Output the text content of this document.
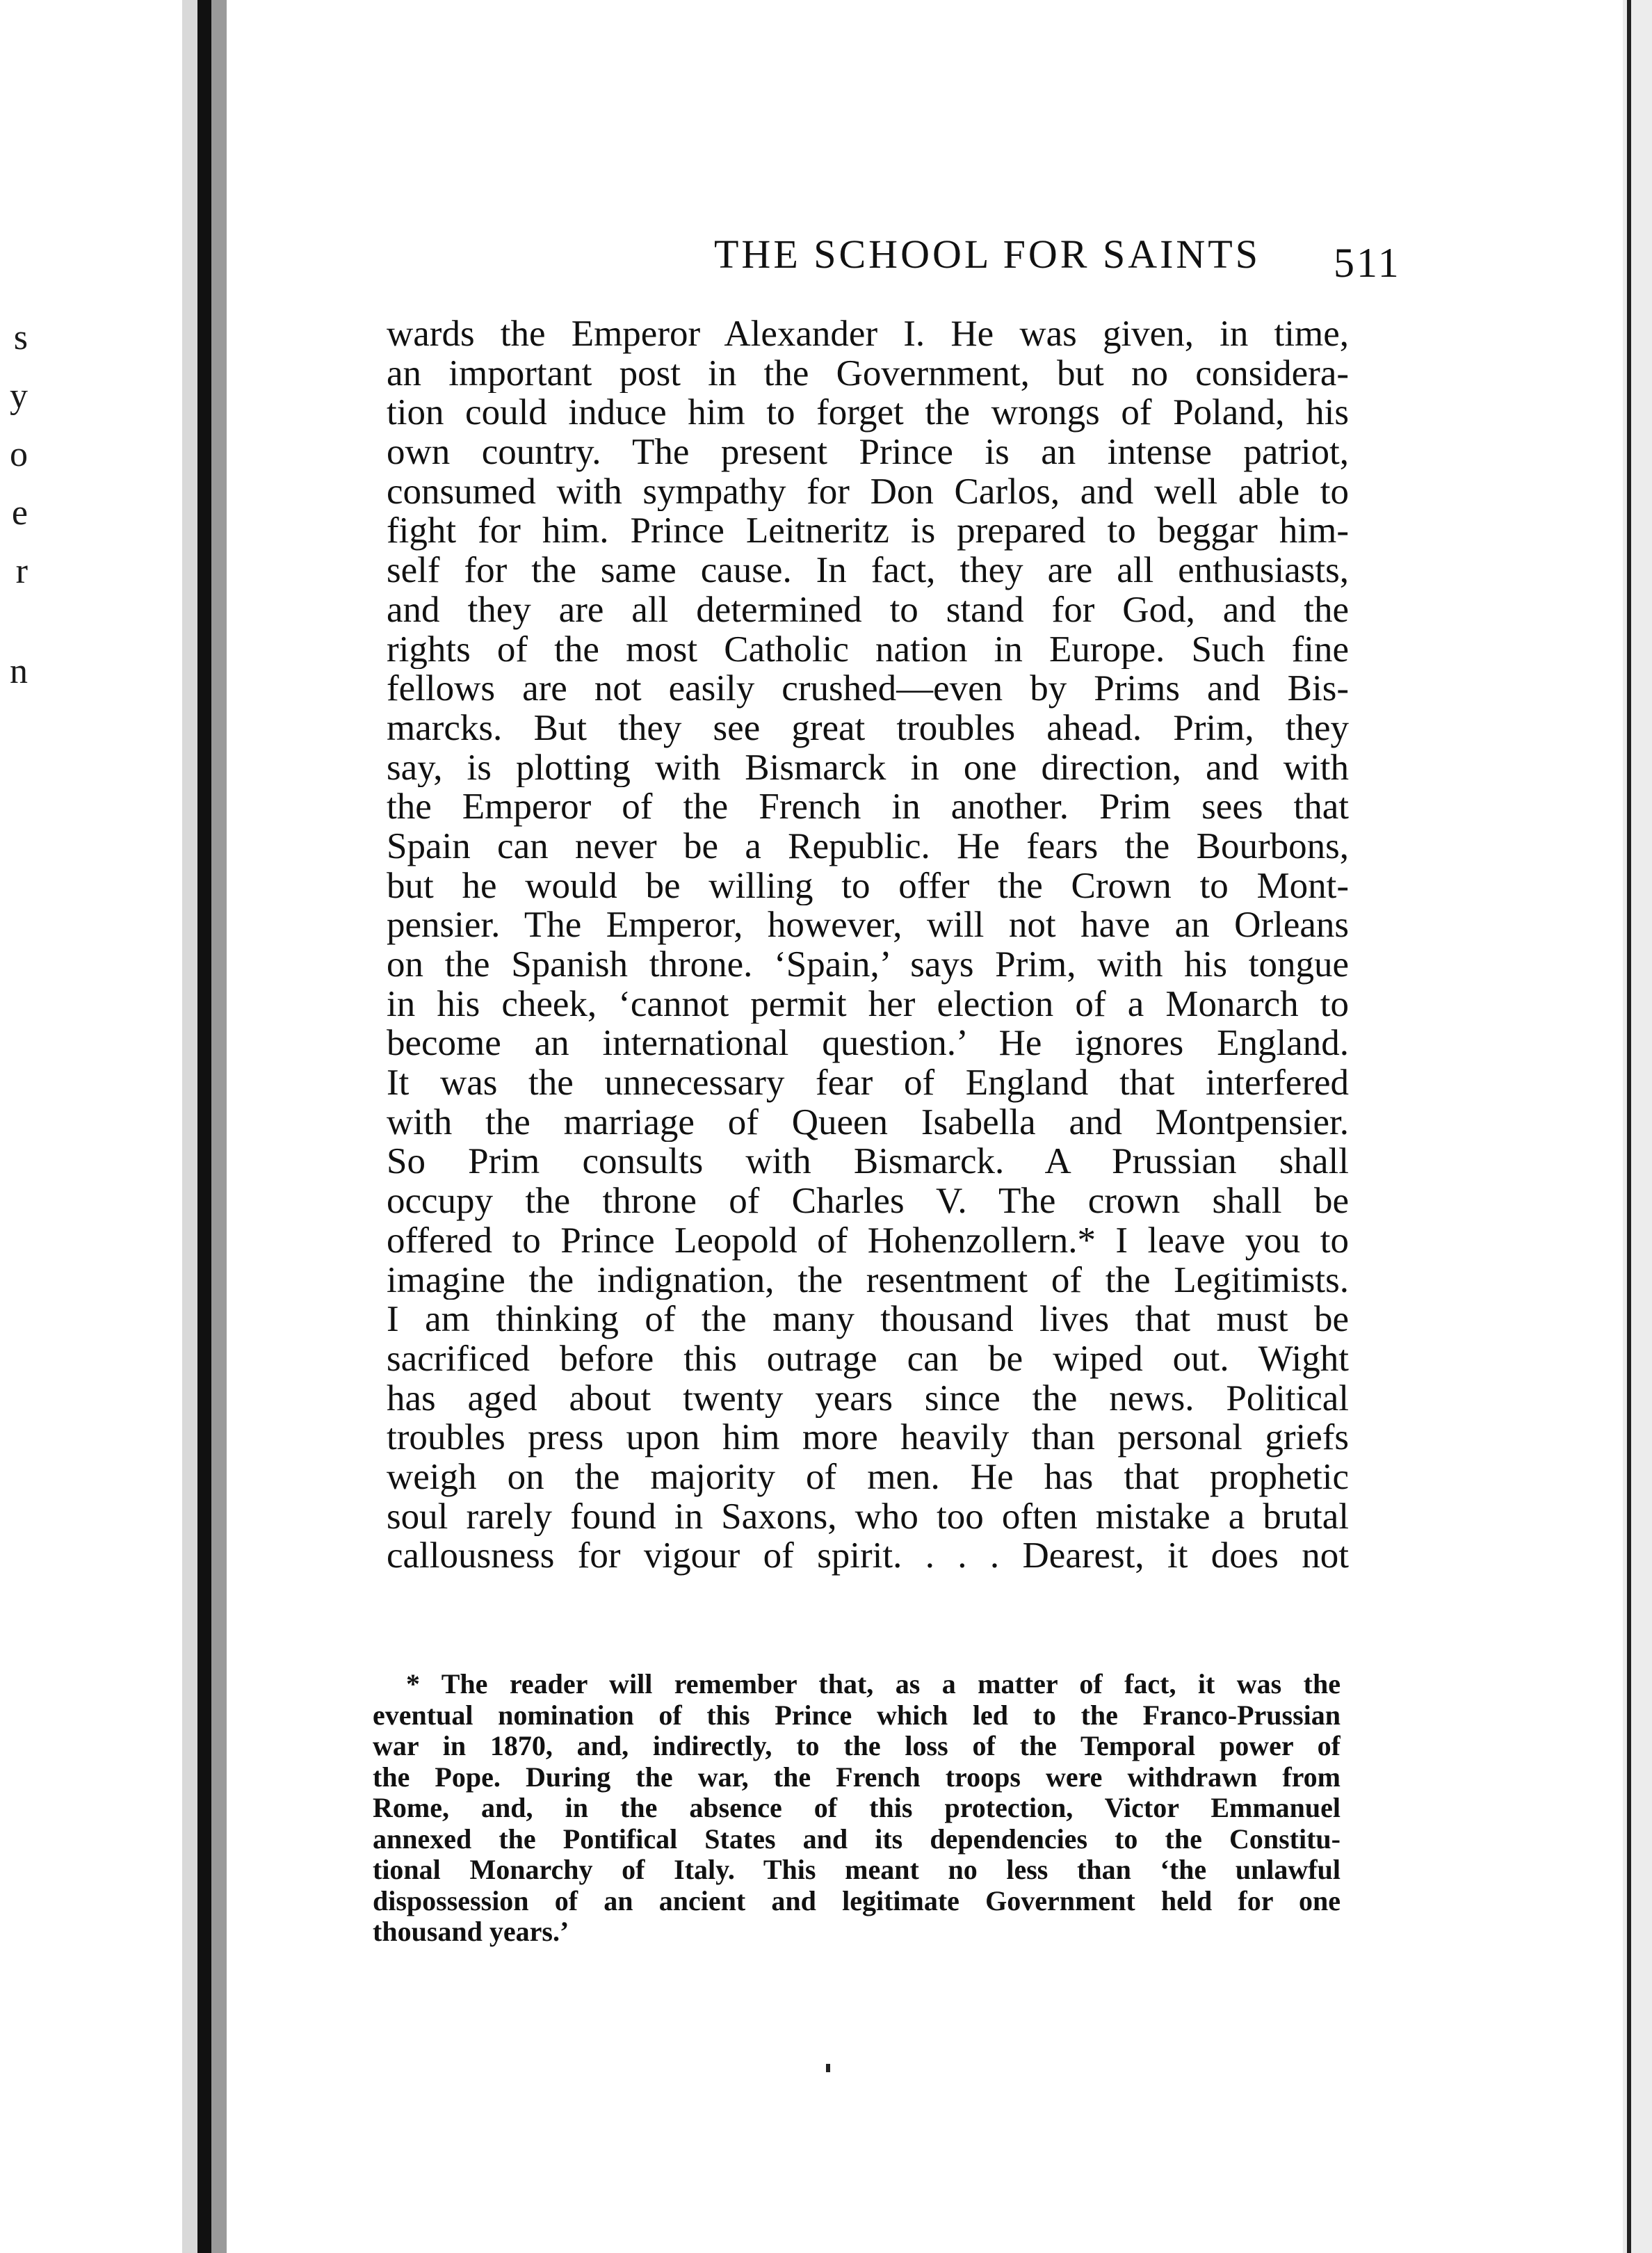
s
y
o
e
r
n
THE SCHOOL FOR SAINTS	511
wards the Emperor Alexander I. He was given, in time,
an important post in the Government, but no considera-
tion could induce him to forget the wrongs of Poland, his
own country. The present Prince is an intense patriot,
consumed with sympathy for Don Carlos, and well able to
fight for him. Prince Leitneritz is prepared to beggar him-
self for the same cause. In fact, they are all enthusiasts,
and they are all determined to stand for God, and the
rights of the most Catholic nation in Europe. Such fine
fellows are not easily crushed—even by Prims and Bis-
marcks. But they see great troubles ahead. Prim, they
say, is plotting with Bismarck in one direction, and with
the Emperor of the French in another. Prim sees that
Spain can never be a Republic. He fears the Bourbons,
but he would be willing to offer the Crown to Mont-
pensier. The Emperor, however, will not have an Orleans
on the Spanish throne. ‘Spain,’ says Prim, with his tongue
in his cheek, ‘cannot permit her election of a Monarch to
become an international question.’ He ignores England.
It was the unnecessary fear of England that interfered
with the marriage of Queen Isabella and Montpensier.
So Prim consults with Bismarck. A Prussian shall
occupy the throne of Charles V. The crown shall be
offered to Prince Leopold of Hohenzollern.* I leave you to
imagine the indignation, the resentment of the Legitimists.
I am thinking of the many thousand lives that must be
sacrificed before this outrage can be wiped out. Wight
has aged about twenty years since the news. Political
troubles press upon him more heavily than personal griefs
weigh on the majority of men. He has that prophetic
soul rarely found in Saxons, who too often mistake a brutal
callousness for vigour of spirit. . . . Dearest, it does not
* The reader will remember that, as a matter of fact, it was the
eventual nomination of this Prince which led to the Franco-Prussian
war in 1870, and, indirectly, to the loss of the Temporal power of
the Pope. During the war, the French troops were withdrawn from
Rome, and, in the absence of this protection, Victor Emmanuel
annexed the Pontifical States and its dependencies to the Constitu-
tional Monarchy of Italy. This meant no less than ‘the unlawful
dispossession of an ancient and legitimate Government held for one
thousand years.’
